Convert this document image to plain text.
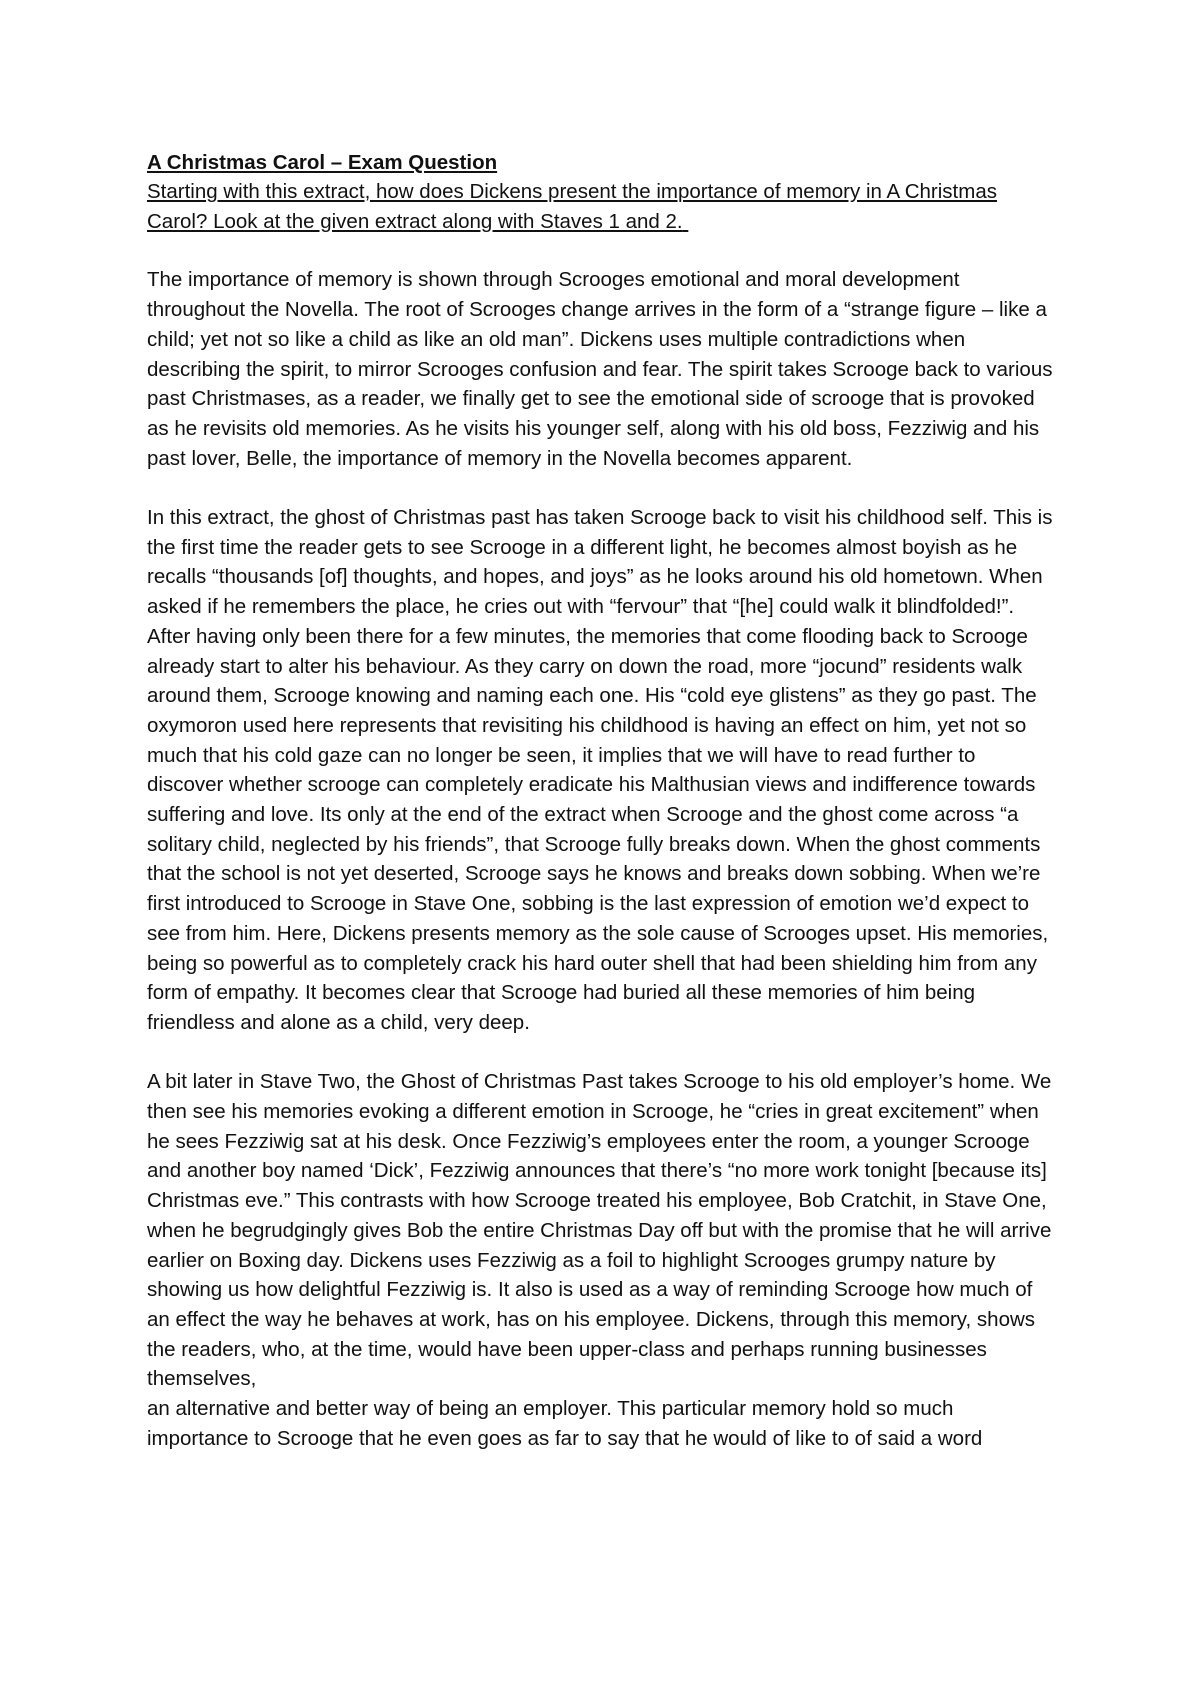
A Christmas Carol – Exam Question

Starting with this extract, how does Dickens present the importance of memory in A Christmas Carol? Look at the given extract along with Staves 1 and 2.

The importance of memory is shown through Scrooges emotional and moral development throughout the Novella. The root of Scrooges change arrives in the form of a “strange figure – like a child; yet not so like a child as like an old man”. Dickens uses multiple contradictions when describing the spirit, to mirror Scrooges confusion and fear. The spirit takes Scrooge back to various past Christmases, as a reader, we finally get to see the emotional side of scrooge that is provoked as he revisits old memories. As he visits his younger self, along with his old boss, Fezziwig and his past lover, Belle, the importance of memory in the Novella becomes apparent.

In this extract, the ghost of Christmas past has taken Scrooge back to visit his childhood self. This is the first time the reader gets to see Scrooge in a different light, he becomes almost boyish as he recalls “thousands [of] thoughts, and hopes, and joys” as he looks around his old hometown. When asked if he remembers the place, he cries out with “fervour” that “[he] could walk it blindfolded!”. After having only been there for a few minutes, the memories that come flooding back to Scrooge already start to alter his behaviour. As they carry on down the road, more “jocund” residents walk around them, Scrooge knowing and naming each one. His “cold eye glistens” as they go past. The oxymoron used here represents that revisiting his childhood is having an effect on him, yet not so much that his cold gaze can no longer be seen, it implies that we will have to read further to discover whether scrooge can completely eradicate his Malthusian views and indifference towards suffering and love. Its only at the end of the extract when Scrooge and the ghost come across “a solitary child, neglected by his friends”, that Scrooge fully breaks down. When the ghost comments that the school is not yet deserted, Scrooge says he knows and breaks down sobbing. When we’re first introduced to Scrooge in Stave One, sobbing is the last expression of emotion we’d expect to see from him. Here, Dickens presents memory as the sole cause of Scrooges upset. His memories, being so powerful as to completely crack his hard outer shell that had been shielding him from any form of empathy. It becomes clear that Scrooge had buried all these memories of him being friendless and alone as a child, very deep.

A bit later in Stave Two, the Ghost of Christmas Past takes Scrooge to his old employer’s home. We then see his memories evoking a different emotion in Scrooge, he “cries in great excitement” when he sees Fezziwig sat at his desk. Once Fezziwig’s employees enter the room, a younger Scrooge and another boy named ‘Dick’, Fezziwig announces that there’s “no more work tonight [because its] Christmas eve.” This contrasts with how Scrooge treated his employee, Bob Cratchit, in Stave One, when he begrudgingly gives Bob the entire Christmas Day off but with the promise that he will arrive earlier on Boxing day. Dickens uses Fezziwig as a foil to highlight Scrooges grumpy nature by showing us how delightful Fezziwig is. It also is used as a way of reminding Scrooge how much of an effect the way he behaves at work, has on his employee. Dickens, through this memory, shows the readers, who, at the time, would have been upper-class and perhaps running businesses themselves,

an alternative and better way of being an employer. This particular memory hold so much importance to Scrooge that he even goes as far to say that he would of like to of said a word
